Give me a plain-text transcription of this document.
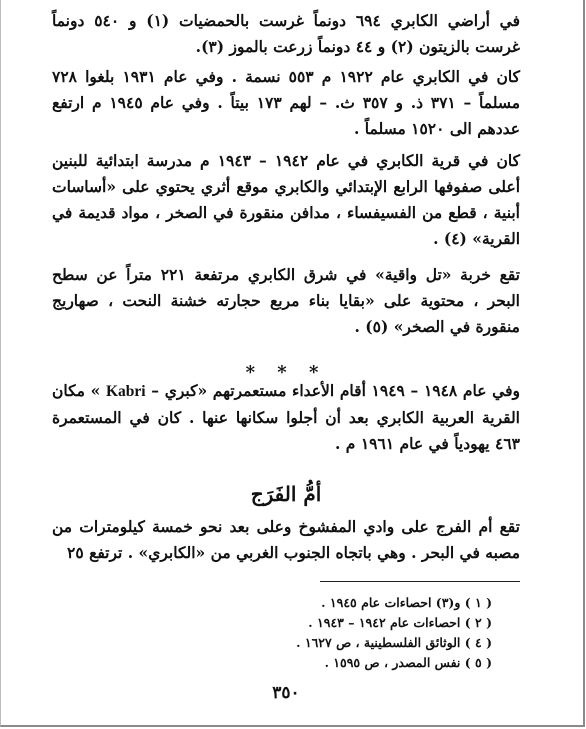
في أراضي الكابري ٦٩٤ دونماً غرست بالحمضيات (١) و ٥٤٠ دونماً غرست بالزيتون (٢) و ٤٤ دونماً زرعت بالموز (٣).

كان في الكابري عام ١٩٢٢ م ٥٥٣ نسمة . وفي عام ١٩٣١ بلغوا ٧٢٨ مسلماً – ٣٧١ ذ. و ٣٥٧ ث. – لهم ١٧٣ بيتاً . وفي عام ١٩٤٥ م ارتفع عددهم الى ١٥٢٠ مسلماً .

كان في قرية الكابري في عام ١٩٤٢ – ١٩٤٣ م مدرسة ابتدائية للبنين أعلى صفوفها الرابع الإبتدائي والكابري موقع أثري يحتوي على «أساسات أبنية ، قطع من الفسيفساء ، مدافن منقورة في الصخر ، مواد قديمة في القرية» (٤) .

تقع خربة «تل واقية» في شرق الكابري مرتفعة ٢٢١ متراً عن سطح البحر ، محتوية على «بقايا بناء مربع حجارته خشنة النحت ، صهاريج منقورة في الصخر» (٥) .

* * *

وفي عام ١٩٤٨ – ١٩٤٩ أقام الأعداء مستعمرتهم «كبري – Kabri » مكان القرية العربية الكابري بعد أن أجلوا سكانها عنها . كان في المستعمرة ٤٦٣ يهودياً في عام ١٩٦١ م .

أمُّ الفَرَج

تقع أم الفرج على وادي المفشوخ وعلى بعد نحو خمسة كيلومترات من مصبه في البحر . وهي باتجاه الجنوب الغربي من «الكابري» . ترتفع ٢٥

( ١ ) و(٣) احصاءات عام ١٩٤٥ .

( ٢ ) احصاءات عام ١٩٤٢ – ١٩٤٣ .

( ٤ ) الوثائق الفلسطينية ، ص ١٦٢٧ .

( ٥ ) نفس المصدر ، ص ١٥٩٥ .

٣٥٠
